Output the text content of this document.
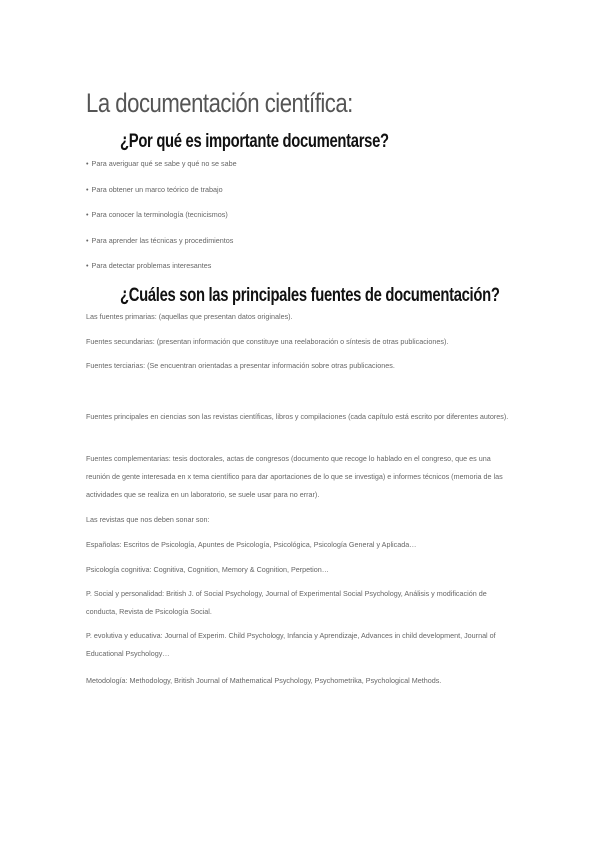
La documentación científica:
¿Por qué es importante documentarse?
• Para averiguar qué se sabe y qué no se sabe
• Para obtener un marco teórico de trabajo
• Para conocer la terminología (tecnicismos)
• Para aprender las técnicas y procedimientos
• Para detectar problemas interesantes
¿Cuáles son las principales fuentes de documentación?

Las fuentes primarias: (aquellas que presentan datos originales).

Fuentes secundarias: (presentan información que constituye una reelaboración o síntesis de otras publicaciones).

Fuentes terciarias: (Se encuentran orientadas a presentar información sobre otras publicaciones.

Fuentes principales en ciencias son las revistas científicas, libros y compilaciones (cada capítulo está escrito por diferentes autores).

Fuentes complementarias: tesis doctorales, actas de congresos (documento que recoge lo hablado en el congreso, que es una reunión de gente interesada en x tema científico para dar aportaciones de lo que se investiga) e informes técnicos (memoria de las actividades que se realiza en un laboratorio, se suele usar para no errar).

Las revistas que nos deben sonar son:

Españolas: Escritos de Psicología, Apuntes de Psicología, Psicológica, Psicología General y Aplicada…

Psicología cognitiva: Cognitiva, Cognition, Memory & Cognition, Perpetion…

P. Social y personalidad: British J. of Social Psychology, Journal of Experimental Social Psychology, Análisis y modificación de conducta, Revista de Psicología Social.

P. evolutiva y educativa: Journal of Experim. Child Psychology, Infancia y Aprendizaje, Advances in child development, Journal of Educational Psychology…

Metodología: Methodology, British Journal of Mathematical Psychology, Psychometrika, Psychological Methods.
